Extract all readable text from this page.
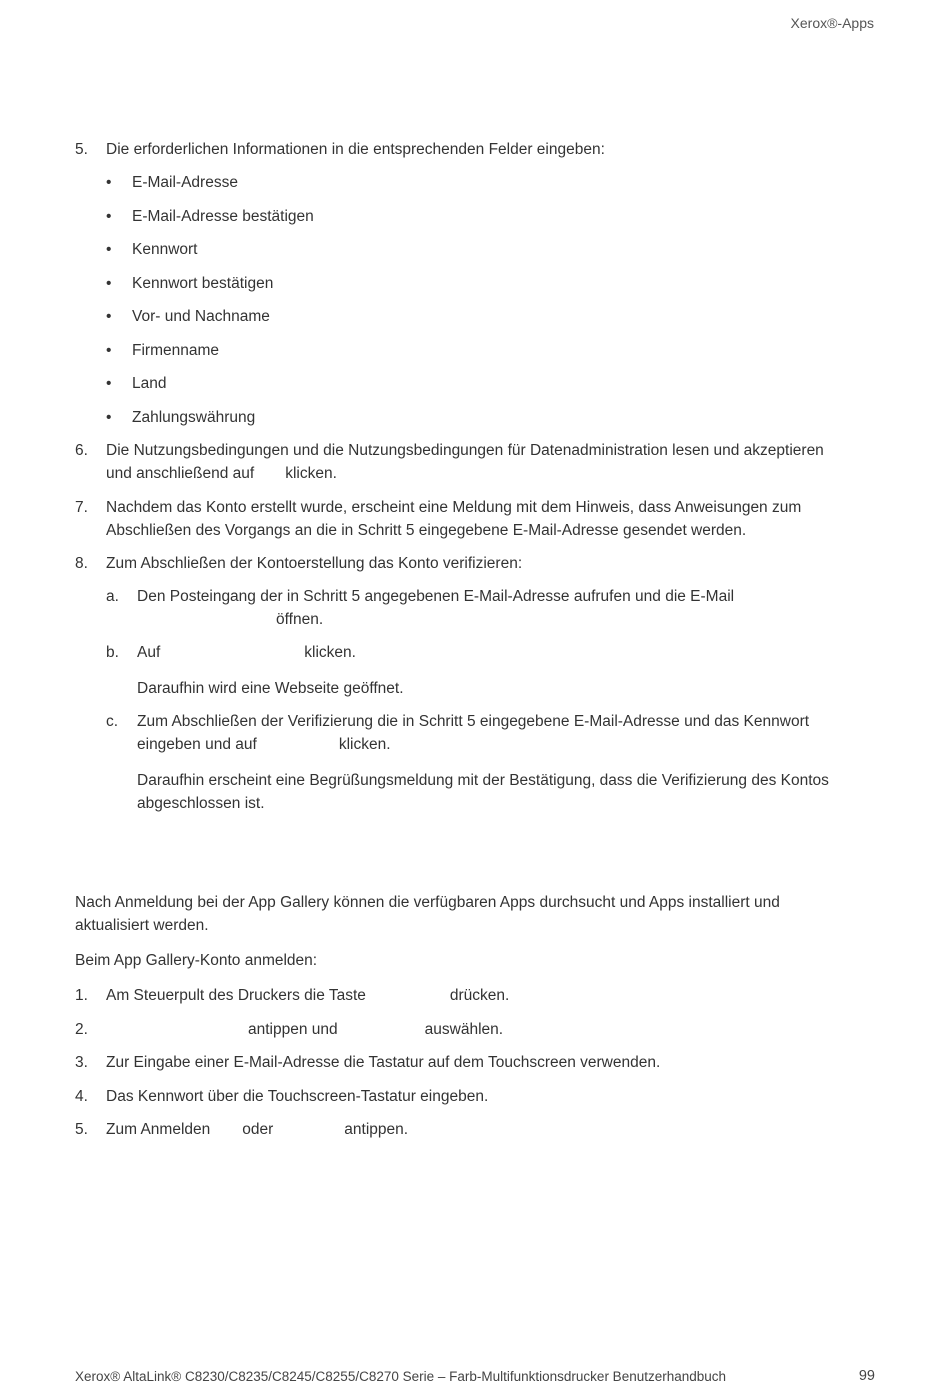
Xerox®-Apps
5. Die erforderlichen Informationen in die entsprechenden Felder eingeben:
• E-Mail-Adresse
• E-Mail-Adresse bestätigen
• Kennwort
• Kennwort bestätigen
• Vor- und Nachname
• Firmenname
• Land
• Zahlungswährung
6. Die Nutzungsbedingungen und die Nutzungsbedingungen für Datenadministration lesen und akzeptieren
und anschließend auf klicken.
7. Nachdem das Konto erstellt wurde, erscheint eine Meldung mit dem Hinweis, dass Anweisungen zum
Abschließen des Vorgangs an die in Schritt 5 eingegebene E-Mail-Adresse gesendet werden.
8. Zum Abschließen der Kontoerstellung das Konto verifizieren:
a. Den Posteingang der in Schritt 5 angegebenen E-Mail-Adresse aufrufen und die E-Mail
öffnen.
b. Auf	klicken.
Daraufhin wird eine Webseite geöffnet.
c. Zum Abschließen der Verifizierung die in Schritt 5 eingegebene E-Mail-Adresse und das Kennwort
eingeben und auf	klicken.
Daraufhin erscheint eine Begrüßungsmeldung mit der Bestätigung, dass die Verifizierung des Kontos
abgeschlossen ist.
Nach Anmeldung bei der App Gallery können die verfügbaren Apps durchsucht und Apps installiert und
aktualisiert werden.
Beim App Gallery-Konto anmelden:
1. Am Steuerpult des Druckers die Taste	drücken.
2.	antippen und	auswählen.
3. Zur Eingabe einer E-Mail-Adresse die Tastatur auf dem Touchscreen verwenden.
4. Das Kennwort über die Touchscreen-Tastatur eingeben.
5. Zum Anmelden oder	antippen.
Xerox® AltaLink® C8230/C8235/C8245/C8255/C8270 Serie – Farb-Multifunktionsdrucker Benutzerhandbuch	99
